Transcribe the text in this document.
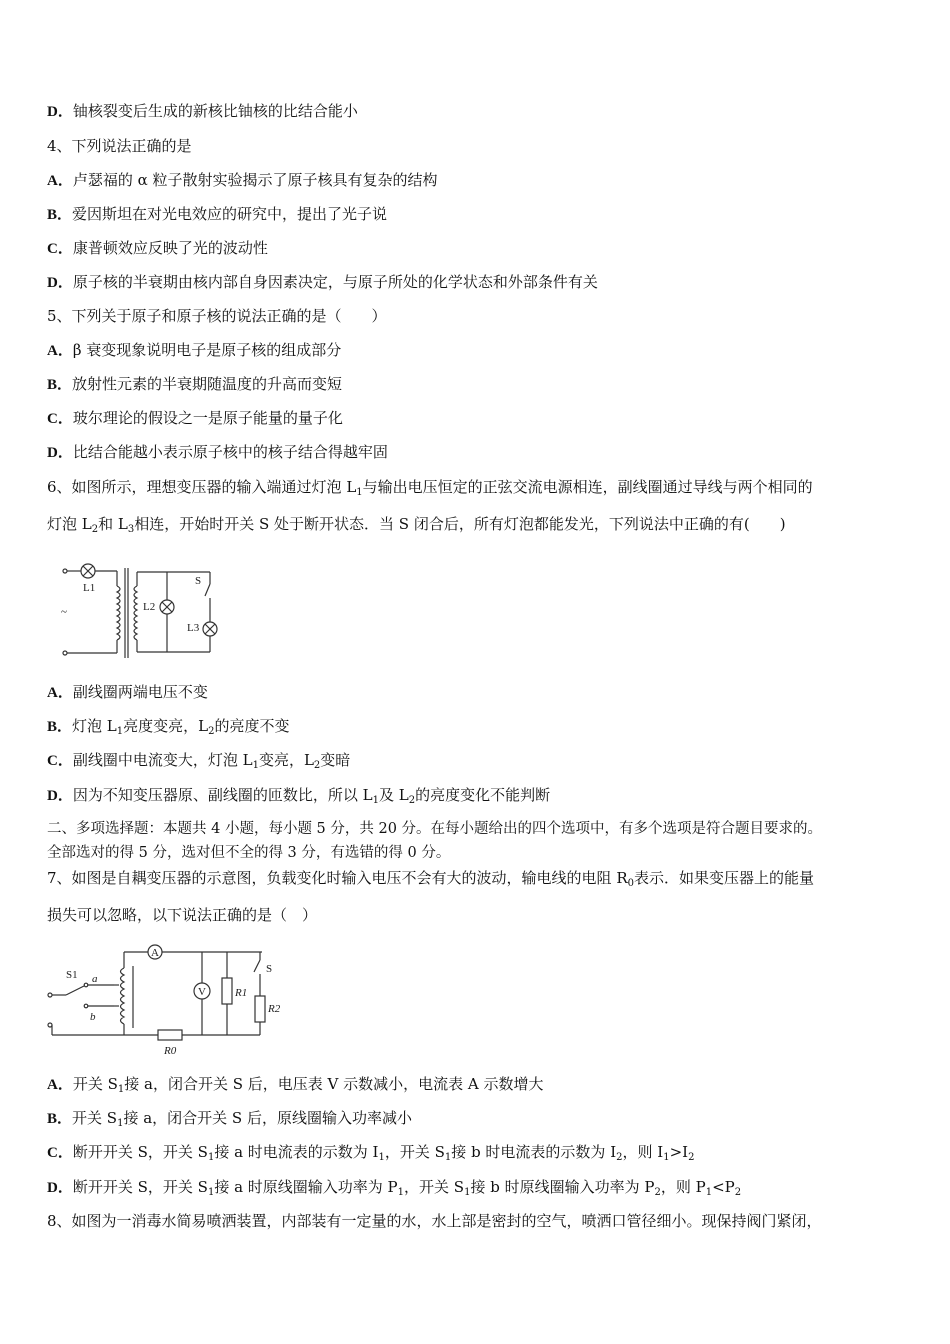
D．铀核裂变后生成的新核比铀核的比结合能小
4、下列说法正确的是
A．卢瑟福的 α 粒子散射实验揭示了原子核具有复杂的结构
B．爱因斯坦在对光电效应的研究中，提出了光子说
C．康普顿效应反映了光的波动性
D．原子核的半衰期由核内部自身因素决定，与原子所处的化学状态和外部条件有关
5、下列关于原子和原子核的说法正确的是（　　）
A．β 衰变现象说明电子是原子核的组成部分
B．放射性元素的半衰期随温度的升高而变短
C．玻尔理论的假设之一是原子能量的量子化
D．比结合能越小表示原子核中的核子结合得越牢固
6、如图所示，理想变压器的输入端通过灯泡 $L_1$与输出电压恒定的正弦交流电源相连，副线圈通过导线与两个相同的
灯泡 $L_2$和 $L_3$相连，开始时开关 S 处于断开状态．当 S 闭合后，所有灯泡都能发光，下列说法中正确的有(　　)
L1
L2
L3
S
~
A．副线圈两端电压不变
B．灯泡 $L_1$亮度变亮，$L_2$的亮度不变
C．副线圈中电流变大，灯泡 $L_1$变亮，$L_2$变暗
D．因为不知变压器原、副线圈的匝数比，所以 $L_1$及 $L_2$的亮度变化不能判断
二、多项选择题：本题共 4 小题，每小题 5 分，共 20 分。在每小题给出的四个选项中，有多个选项是符合题目要求的。
全部选对的得 5 分，选对但不全的得 3 分，有选错的得 0 分。
7、如图是自耦变压器的示意图，负载变化时输入电压不会有大的波动，输电线的电阻 $R_0$表示．如果变压器上的能量
损失可以忽略，以下说法正确的是（　）
A
V
S1 a
b
S
R1
R2
R0
A．开关 $S_1$接 a，闭合开关 S 后，电压表 V 示数减小，电流表 A 示数增大
B．开关 $S_1$接 a，闭合开关 S 后，原线圈输入功率减小
C．断开开关 S，开关 $S_1$接 a 时电流表的示数为 $I_1$，开关 $S_1$接 b 时电流表的示数为 $I_2$，则 $I_1>I_2$
D．断开开关 S，开关 $S_1$接 a 时原线圈输入功率为 $P_1$，开关 $S_1$接 b 时原线圈输入功率为 $P_2$，则 $P_1<P_2$
8、如图为一消毒水简易喷洒装置，内部装有一定量的水，水上部是密封的空气，喷洒口管径细小。现保持阀门紧闭，
